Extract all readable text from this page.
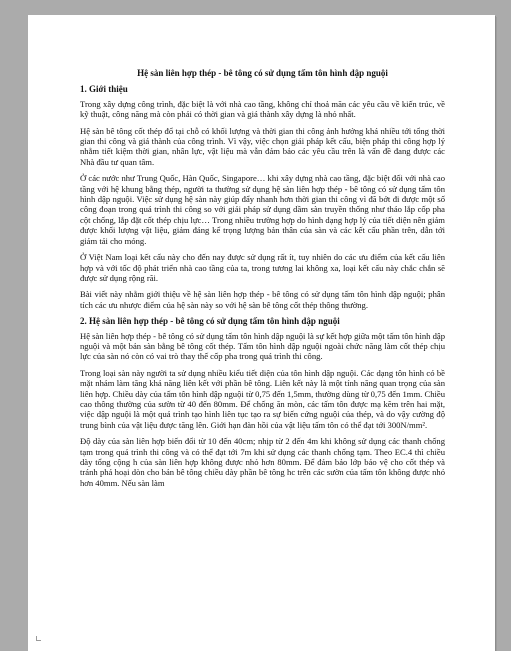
Hệ sàn liên hợp thép - bê tông có sử dụng tấm tôn hình dập nguội
1. Giới thiệu

Trong xây dựng công trình, đặc biệt là với nhà cao tầng, không chỉ thoả mãn các yêu cầu về kiến trúc, về kỹ thuật, công năng mà còn phải có thời gian và giá thành xây dựng là nhỏ nhất.

Hệ sàn bê tông cốt thép đổ tại chỗ có khối lượng và thời gian thi công ảnh hưởng khá nhiều tới tổng thời gian thi công và giá thành của công trình. Vì vậy, việc chọn giải pháp kết cấu, biện pháp thi công hợp lý nhằm tiết kiệm thời gian, nhân lực, vật liệu mà vẫn đảm bảo các yêu cầu trên là vấn đề đang được các Nhà đầu tư quan tâm.

Ở các nước như Trung Quốc, Hàn Quốc, Singapore… khi xây dựng nhà cao tầng, đặc biệt đối với nhà cao tầng với hệ khung bằng thép, người ta thường sử dụng hệ sàn liên hợp thép - bê tông có sử dụng tấm tôn hình dập nguội. Việc sử dụng hệ sàn này giúp đẩy nhanh hơn thời gian thi công vì đã bớt đi được một số công đoạn trong quá trình thi công so với giải pháp sử dụng dầm sàn truyền thống như tháo lắp cốp pha cột chống, lắp đặt cốt thép chịu lực… Trong nhiều trường hợp do hình dạng hợp lý của tiết diện nên giảm được khối lượng vật liệu, giảm đáng kể trọng lượng bản thân của sàn và các kết cấu phần trên, dẫn tới giảm tải cho móng.

Ở Việt Nam loại kết cấu này cho đến nay được sử dụng rất ít, tuy nhiên do các ưu điểm của kết cấu liên hợp và với tốc độ phát triển nhà cao tầng của ta, trong tương lai không xa, loại kết cấu này chắc chắn sẽ được sử dụng rộng rãi.

Bài viết này nhằm giới thiệu về hệ sàn liên hợp thép - bê tông có sử dụng tấm tôn hình dập nguội; phân tích các ưu nhược điểm của hệ sàn này so với hệ sàn bê tông cốt thép thông thường.

2. Hệ sàn liên hợp thép - bê tông có sử dụng tấm tôn hình dập nguội

Hệ sàn liên hợp thép - bê tông có sử dụng tấm tôn hình dập nguội là sự kết hợp giữa một tấm tôn hình dập nguội và một bản sàn bằng bê tông cốt thép. Tấm tôn hình dập nguội ngoài chức năng làm cốt thép chịu lực của sàn nó còn có vai trò thay thế cốp pha trong quá trình thi công.

Trong loại sàn này người ta sử dụng nhiều kiểu tiết diện của tôn hình dập nguội. Các dạng tôn hình có bề mặt nhám làm tăng khả năng liên kết với phần bê tông. Liên kết này là một tính năng quan trọng của sàn liên hợp. Chiều dày của tấm tôn hình dập nguội từ 0,75 đến 1,5mm, thường dùng từ 0,75 đến 1mm. Chiều cao thông thường của sườn từ 40 đến 80mm. Để chống ăn mòn, các tấm tôn được mạ kẽm trên hai mặt, việc dập nguội là một quá trình tạo hình liên tục tạo ra sự biến cứng nguội của thép, và do vậy cường độ trung bình của vật liệu được tăng lên. Giới hạn đàn hồi của vật liệu tấm tôn có thể đạt tới 300N/mm².

Độ dày của sàn liên hợp biến đổi từ 10 đến 40cm; nhịp từ 2 đến 4m khi không sử dụng các thanh chống tạm trong quá trình thi công và có thể đạt tới 7m khi sử dụng các thanh chống tạm. Theo EC.4 thì chiều dày tổng cộng h của sàn liên hợp không được nhỏ hơn 80mm. Để đảm bảo lớp bảo vệ cho cốt thép và tránh phá hoại dòn cho bản bê tông chiều dày phần bê tông hc trên các sườn của tấm tôn không được nhỏ hơn 40mm. Nếu sàn làm
